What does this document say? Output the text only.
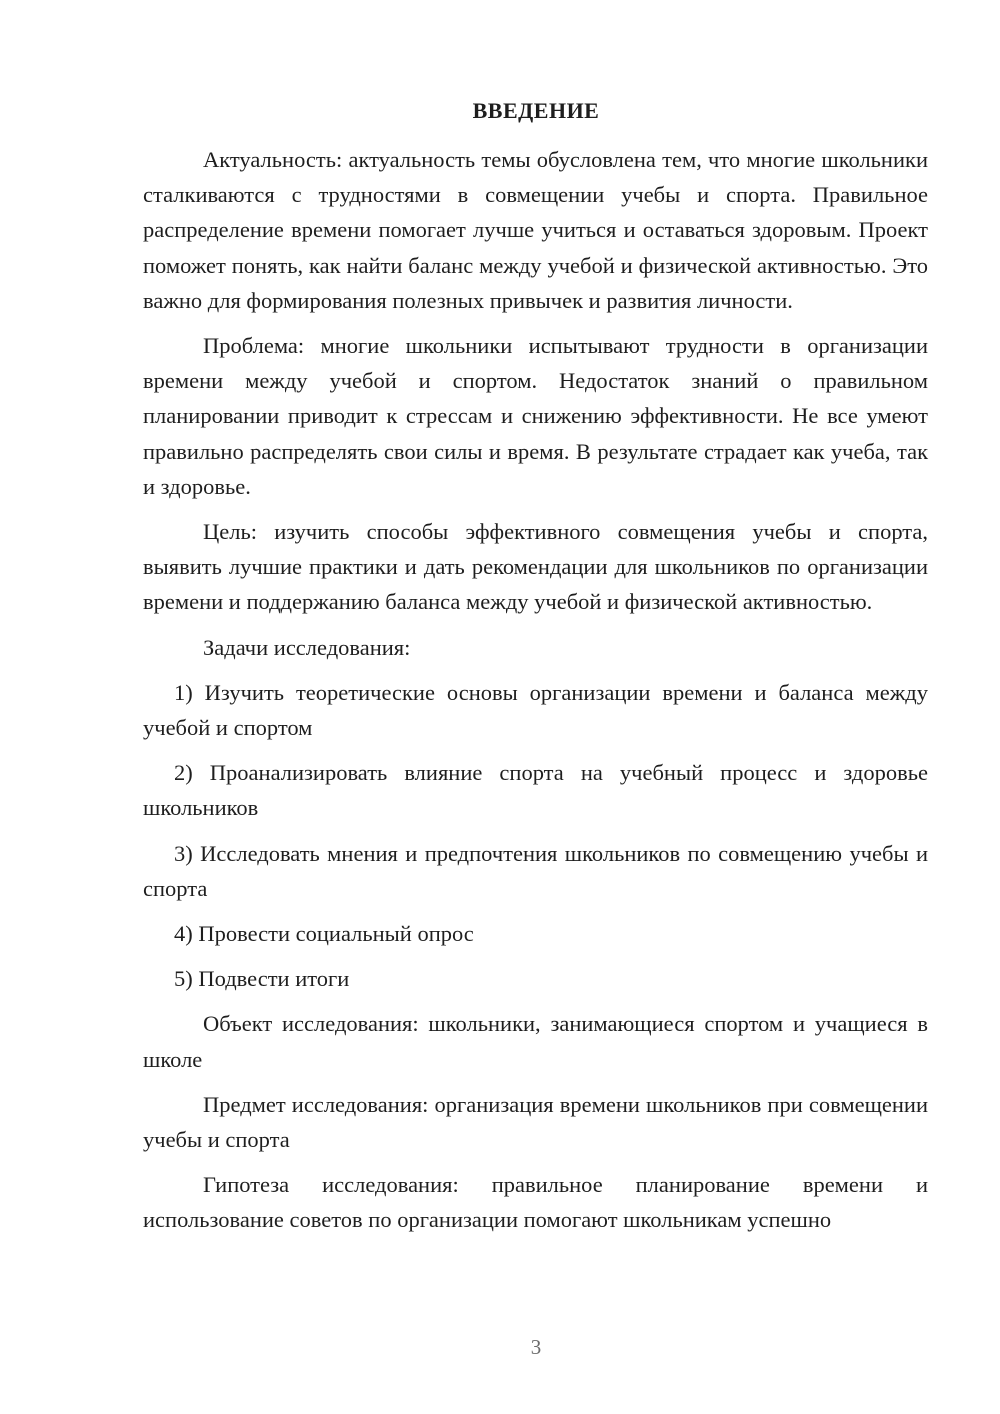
ВВЕДЕНИЕ

Актуальность: актуальность темы обусловлена тем, что многие школьники сталкиваются с трудностями в совмещении учебы и спорта. Правильное распределение времени помогает лучше учиться и оставаться здоровым. Проект поможет понять, как найти баланс между учебой и физической активностью. Это важно для формирования полезных привычек и развития личности.

Проблема: многие школьники испытывают трудности в организации времени между учебой и спортом. Недостаток знаний о правильном планировании приводит к стрессам и снижению эффективности. Не все умеют правильно распределять свои силы и время. В результате страдает как учеба, так и здоровье.

Цель: изучить способы эффективного совмещения учебы и спорта, выявить лучшие практики и дать рекомендации для школьников по организации времени и поддержанию баланса между учебой и физической активностью.

Задачи исследования:

1) Изучить теоретические основы организации времени и баланса между учебой и спортом

2) Проанализировать влияние спорта на учебный процесс и здоровье школьников

3) Исследовать мнения и предпочтения школьников по совмещению учебы и спорта

4) Провести социальный опрос

5) Подвести итоги

Объект исследования: школьники, занимающиеся спортом и учащиеся в школе

Предмет исследования: организация времени школьников при совмещении учебы и спорта

Гипотеза исследования: правильное планирование времени и использование советов по организации помогают школьникам успешно

3
